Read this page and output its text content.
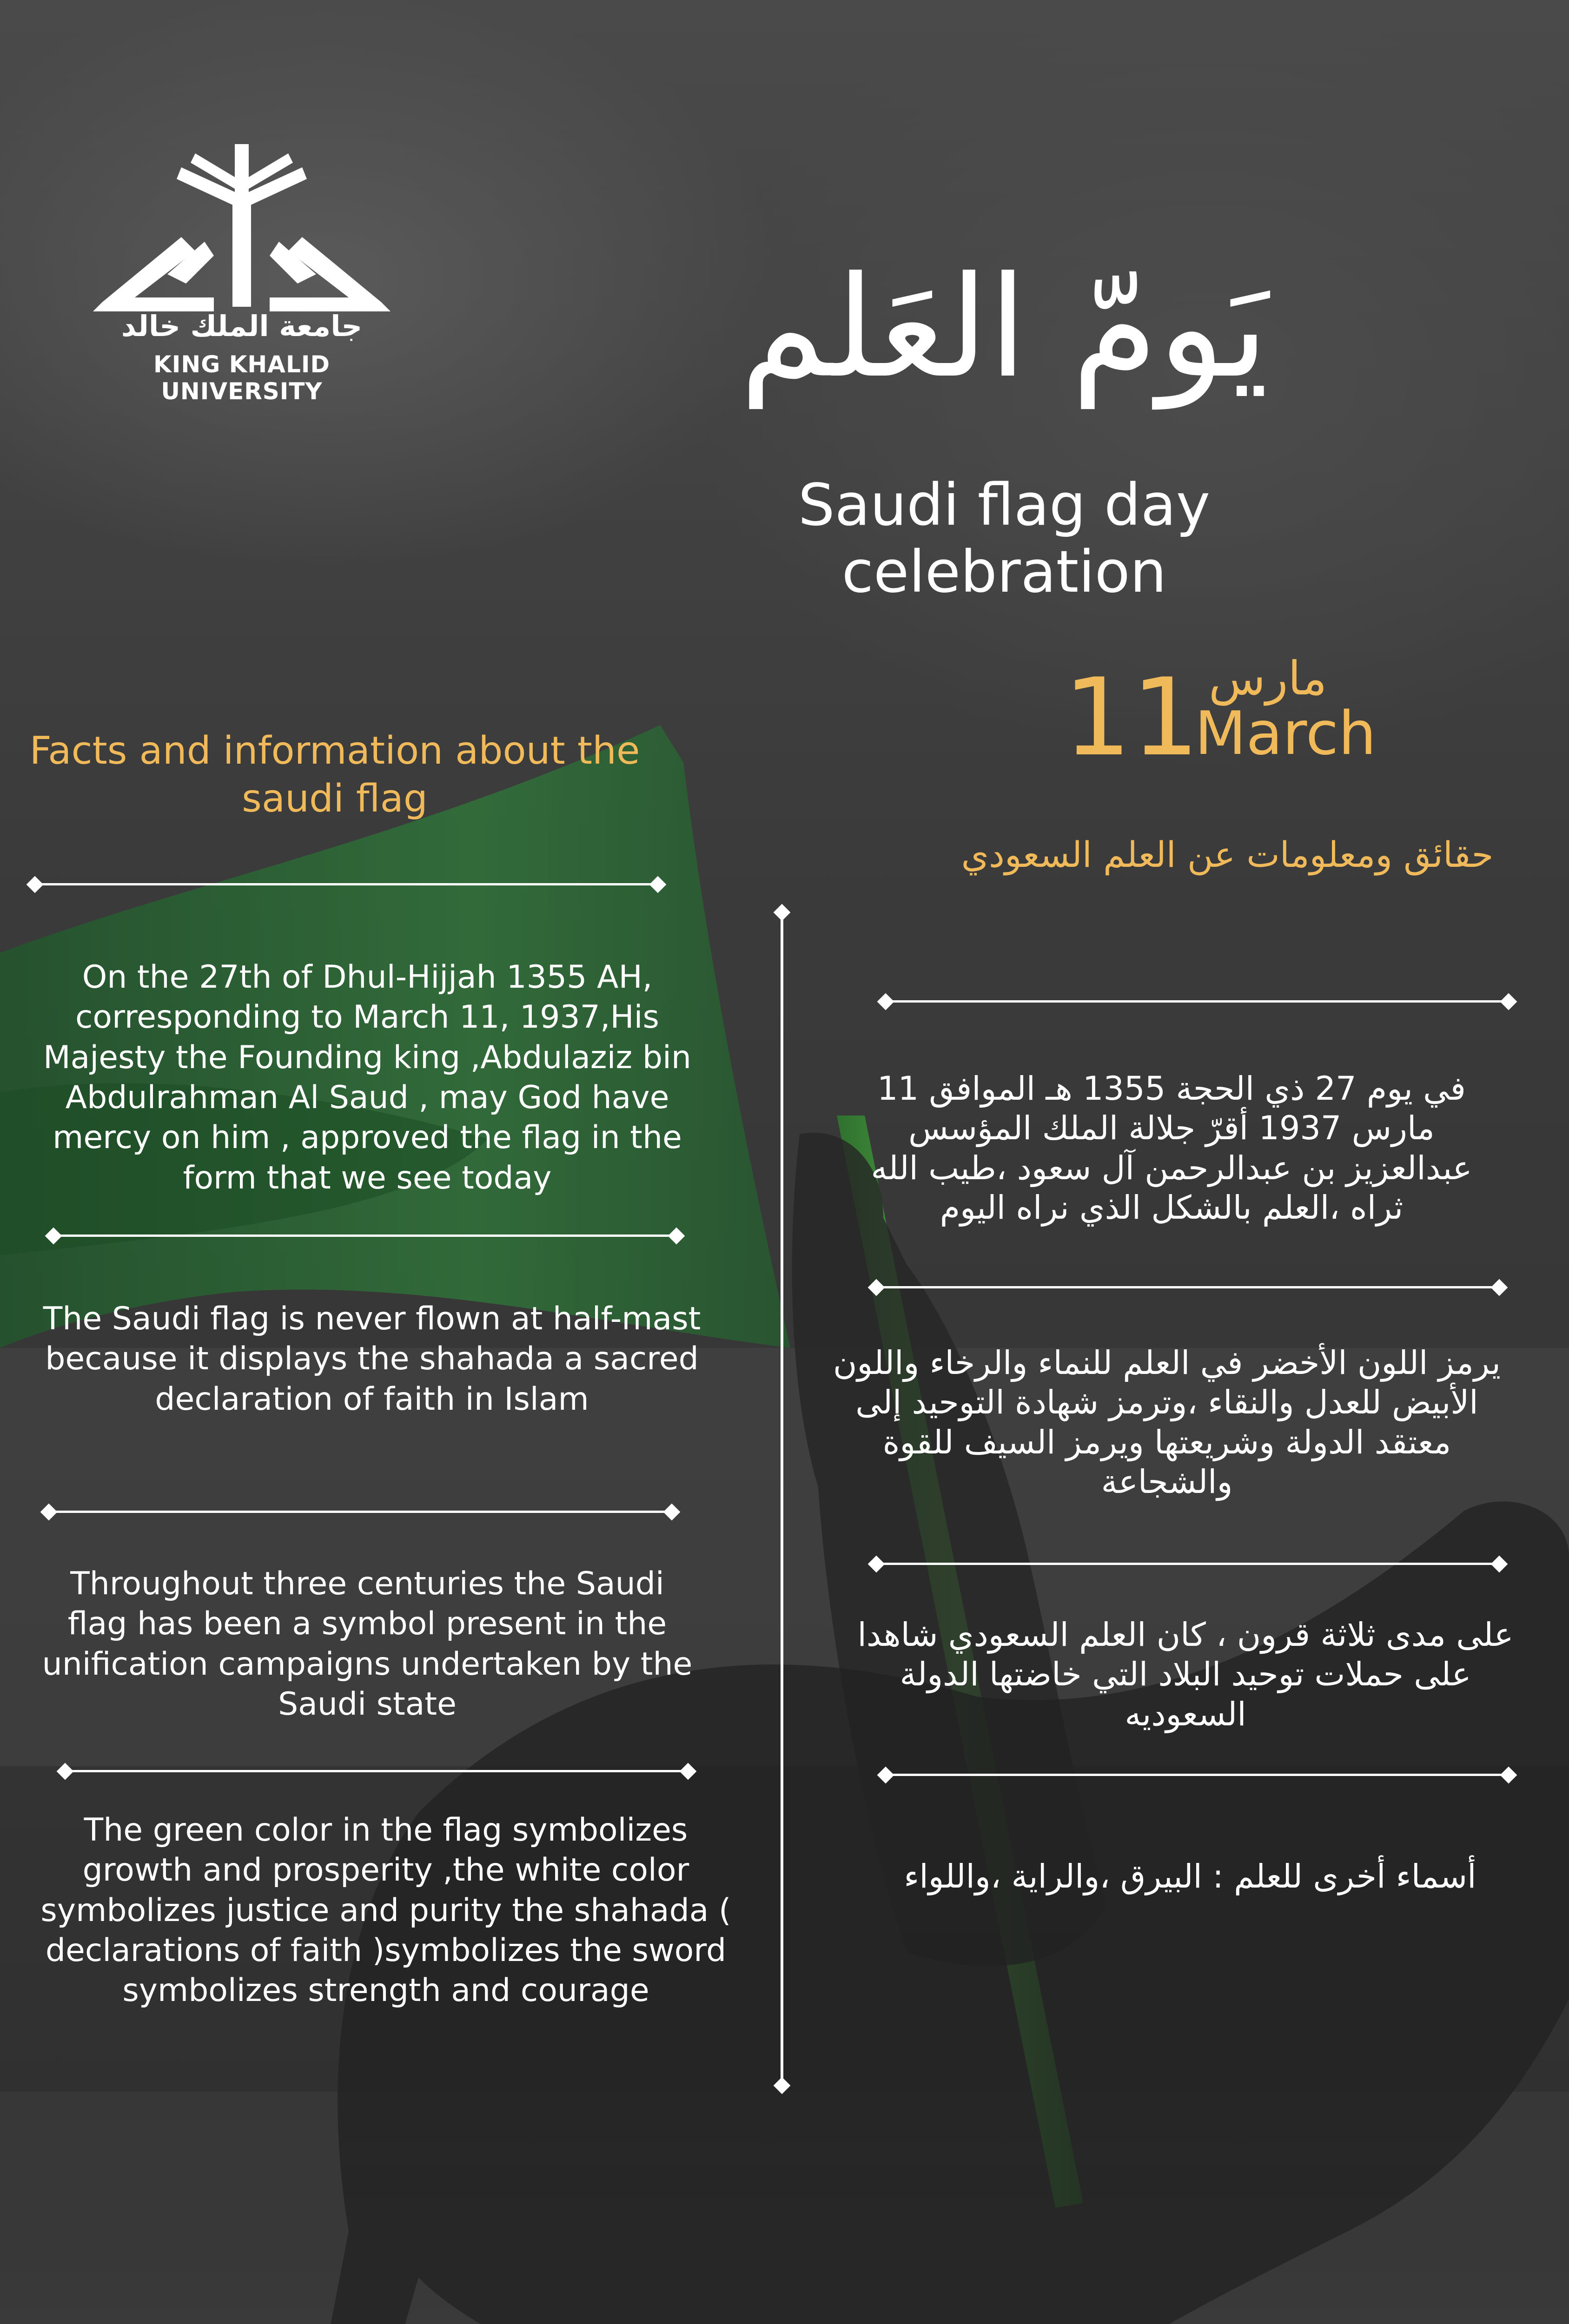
جامعة الملك خالد
KING KHALID UNIVERSITY	يَومّ العَلم
Saudi flag day celebration
11 مارس
March
Facts and information about the saudi flag
حقائق ومعلومات عن العلم السعودي
On the 27th of Dhul-Hijjah 1355 AH, corresponding to March 11, 1937,His Majesty the Founding king ,Abdulaziz bin Abdulrahman Al Saud , may God have mercy on him , approved the flag in the form that we see today
The Saudi flag is never flown at half-mast because it displays the shahada a sacred declaration of faith in Islam
Throughout three centuries the Saudi flag has been a symbol present in the unification campaigns undertaken by the Saudi state
The green color in the flag symbolizes growth and prosperity ,the white color symbolizes justice and purity the shahada ( declarations of faith )symbolizes the sword symbolizes strength and courage
في يوم 27 ذي الحجة 1355 هـ الموافق 11 مارس 1937 أقرّ جلالة الملك المؤسس عبدالعزيز بن عبدالرحمن آل سعود ،طيب الله ثراه ،العلم بالشكل الذي نراه اليوم
يرمز اللون الأخضر في العلم للنماء والرخاء واللون الأبيض للعدل والنقاء ،وترمز شهادة التوحيد إلى معتقد الدولة وشريعتها ويرمز السيف للقوة والشجاعة
على مدى ثلاثة قرون ، كان العلم السعودي شاهدا على حملات توحيد البلاد التي خاضتها الدولة السعوديه
أسماء أخرى للعلم : البيرق ،والراية ،واللواء
